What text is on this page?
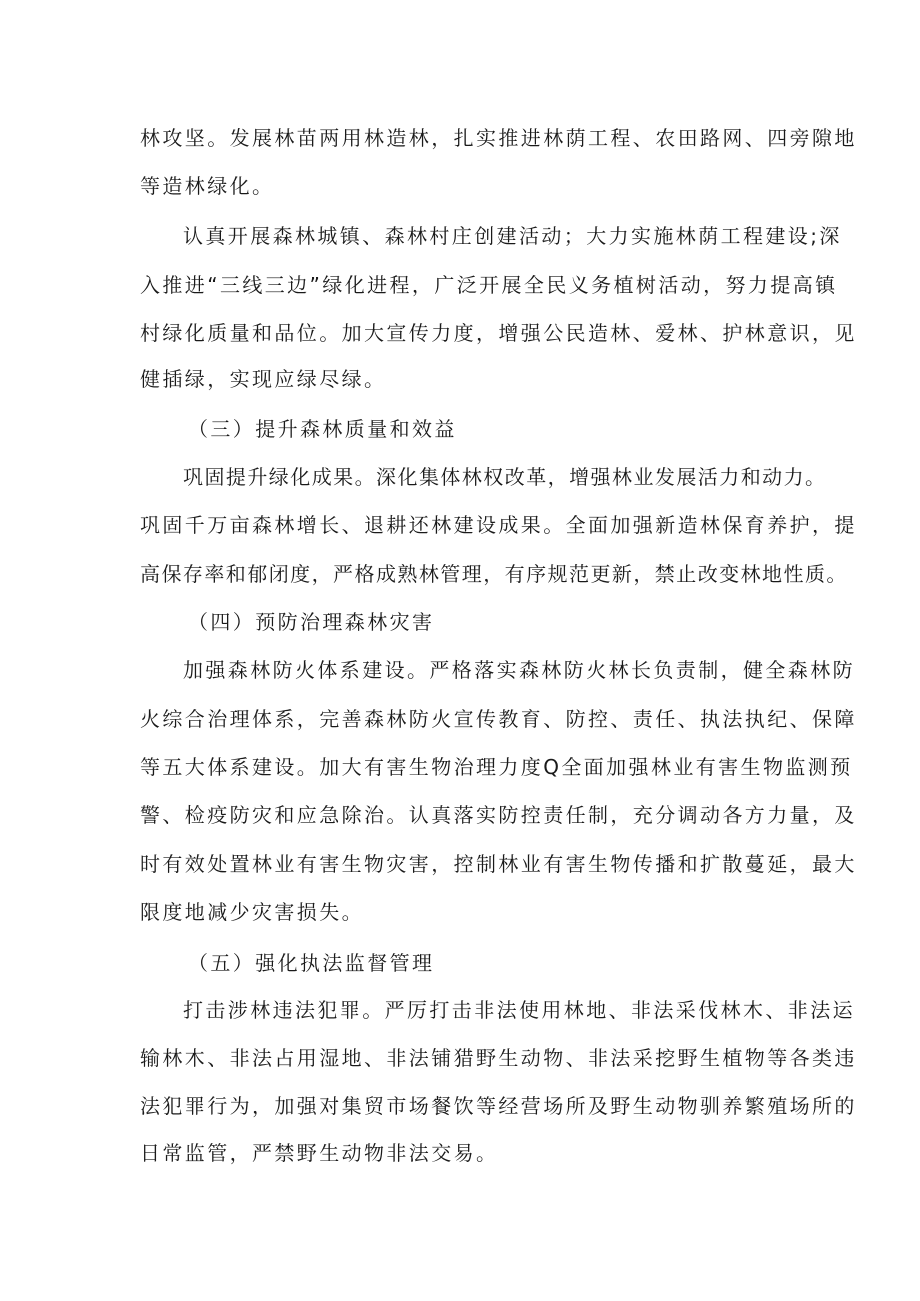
林攻坚。发展林苗两用林造林，扎实推进林荫工程、农田路网、四旁隙地
等造林绿化。
认真开展森林城镇、森林村庄创建活动；大力实施林荫工程建设;深
入推进“三线三边”绿化进程，广泛开展全民义务植树活动，努力提高镇
村绿化质量和品位。加大宣传力度，增强公民造林、爱林、护林意识，见
健插绿，实现应绿尽绿。
（三）提升森林质量和效益
巩固提升绿化成果。深化集体林权改革，增强林业发展活力和动力。
巩固千万亩森林增长、退耕还林建设成果。全面加强新造林保育养护，提
高保存率和郁闭度，严格成熟林管理，有序规范更新，禁止改变林地性质。
（四）预防治理森林灾害
加强森林防火体系建设。严格落实森林防火林长负责制，健全森林防
火综合治理体系，完善森林防火宣传教育、防控、责任、执法执纪、保障
等五大体系建设。加大有害生物治理力度Q全面加强林业有害生物监测预
警、检疫防灾和应急除治。认真落实防控责任制，充分调动各方力量，及
时有效处置林业有害生物灾害，控制林业有害生物传播和扩散蔓延，最大
限度地减少灾害损失。
（五）强化执法监督管理
打击涉林违法犯罪。严厉打击非法使用林地、非法采伐林木、非法运
输林木、非法占用湿地、非法铺猎野生动物、非法采挖野生植物等各类违
法犯罪行为，加强对集贸市场餐饮等经营场所及野生动物驯养繁殖场所的
日常监管，严禁野生动物非法交易。
